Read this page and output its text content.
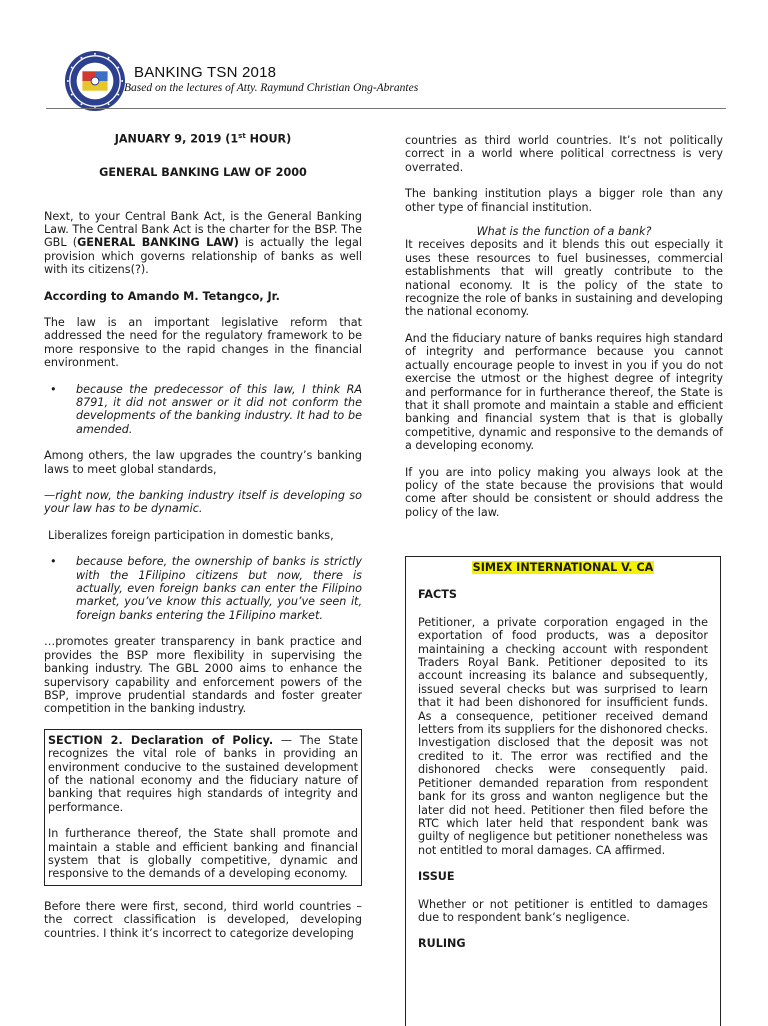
BANKING TSN 2018
Based on the lectures of Atty. Raymund Christian Ong-Abrantes
JANUARY 9, 2019 (1st HOUR)
GENERAL BANKING LAW OF 2000

Next, to your Central Bank Act, is the General Banking Law. The Central Bank Act is the charter for the BSP. The GBL (GENERAL BANKING LAW) is actually the legal provision which governs relationship of banks as well with its citizens(?).

According to Amando M. Tetangco, Jr.

The law is an important legislative reform that addressed the need for the regulatory framework to be more responsive to the rapid changes in the financial environment.

• because the predecessor of this law, I think RA 8791, it did not answer or it did not conform the developments of the banking industry. It had to be amended.

Among others, the law upgrades the country’s banking laws to meet global standards,

—right now, the banking industry itself is developing so your law has to be dynamic.

Liberalizes foreign participation in domestic banks,

• because before, the ownership of banks is strictly with the 1Filipino citizens but now, there is actually, even foreign banks can enter the Filipino market, you’ve know this actually, you’ve seen it, foreign banks entering the 1Filipino market.

…promotes greater transparency in bank practice and provides the BSP more flexibility in supervising the banking industry. The GBL 2000 aims to enhance the supervisory capability and enforcement powers of the BSP, improve prudential standards and foster greater competition in the banking industry.

SECTION 2. Declaration of Policy. — The State recognizes the vital role of banks in providing an environment conducive to the sustained development of the national economy and the fiduciary nature of banking that requires high standards of integrity and performance.

In furtherance thereof, the State shall promote and maintain a stable and efficient banking and financial system that is globally competitive, dynamic and responsive to the demands of a developing economy.

Before there were first, second, third world countries – the correct classification is developed, developing countries. I think it’s incorrect to categorize developing

countries as third world countries. It’s not politically correct in a world where political correctness is very overrated.

The banking institution plays a bigger role than any other type of financial institution.

What is the function of a bank?

It receives deposits and it blends this out especially it uses these resources to fuel businesses, commercial establishments that will greatly contribute to the national economy. It is the policy of the state to recognize the role of banks in sustaining and developing the national economy.

And the fiduciary nature of banks requires high standard of integrity and performance because you cannot actually encourage people to invest in you if you do not exercise the utmost or the highest degree of integrity and performance for in furtherance thereof, the State is that it shall promote and maintain a stable and efficient banking and financial system that is that is globally competitive, dynamic and responsive to the demands of a developing economy.

If you are into policy making you always look at the policy of the state because the provisions that would come after should be consistent or should address the policy of the law.

SIMEX INTERNATIONAL V. CA
FACTS

Petitioner, a private corporation engaged in the exportation of food products, was a depositor maintaining a checking account with respondent Traders Royal Bank. Petitioner deposited to its account increasing its balance and subsequently, issued several checks but was surprised to learn that it had been dishonored for insufficient funds. As a consequence, petitioner received demand letters from its suppliers for the dishonored checks. Investigation disclosed that the deposit was not credited to it. The error was rectified and the dishonored checks were consequently paid. Petitioner demanded reparation from respondent bank for its gross and wanton negligence but the later did not heed. Petitioner then filed before the RTC which later held that respondent bank was guilty of negligence but petitioner nonetheless was not entitled to moral damages. CA affirmed.

ISSUE

Whether or not petitioner is entitled to damages due to respondent bank’s negligence.

RULING
